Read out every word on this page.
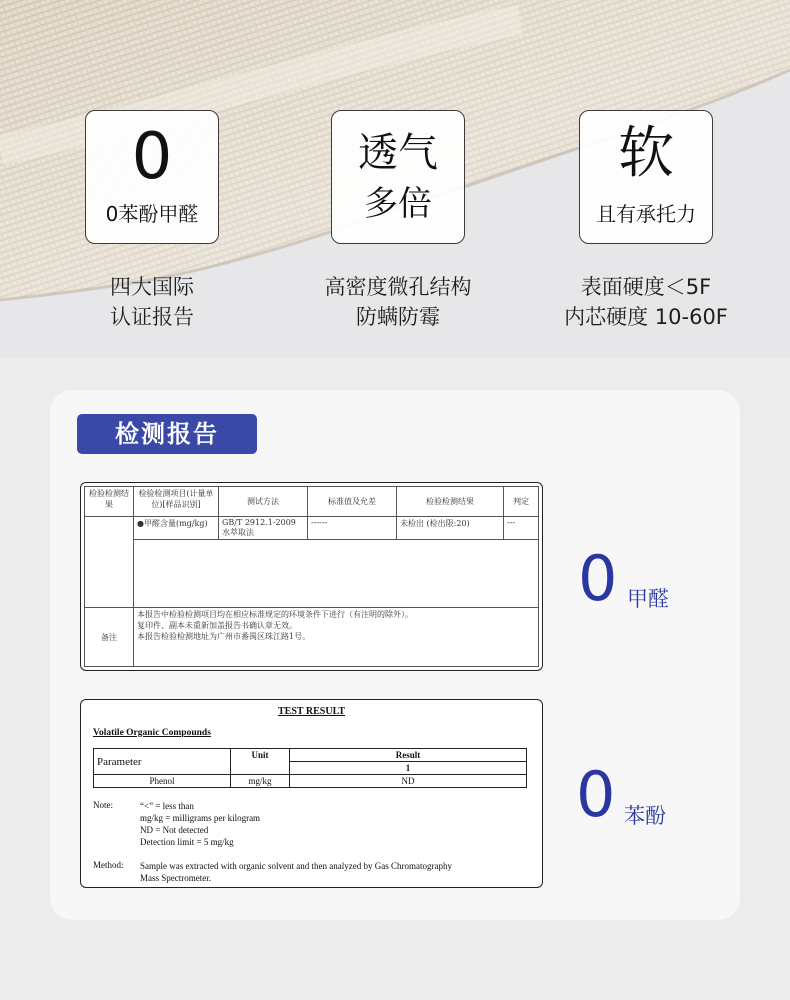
0
0苯酚甲醛
透气
多倍
软
且有承托力
四大国际
认证报告
高密度微孔结构
防螨防霉
表面硬度＜5F
内芯硬度 10-60F
检测报告
检验检测结果	检验检测项目(计量单位)[样品识别]	测试方法	标准值及允差	检验检测结果	判定
	●甲醛含量(mg/kg)	GB/T 2912.1-2009 水萃取法	------	未检出 (检出限:20)	---

备注	本报告中检验检测项目均在相应标准规定的环境条件下进行（有注明的除外）。
复印件、副本未重新加盖报告书确认章无效。
本报告检验检测地址为广州市番禺区珠江路1号。				
0 甲醛
TEST RESULT
Volatile Organic Compounds
Parameter	Unit	Result
		1
Phenol	mg/kg	ND
Note:	“<” = less than
mg/kg = milligrams per kilogram
ND = Not detected
Detection limit = 5 mg/kg
Method: Sample was extracted with organic solvent and then analyzed by Gas Chromatography
Mass Spectrometer.
0 苯酚
